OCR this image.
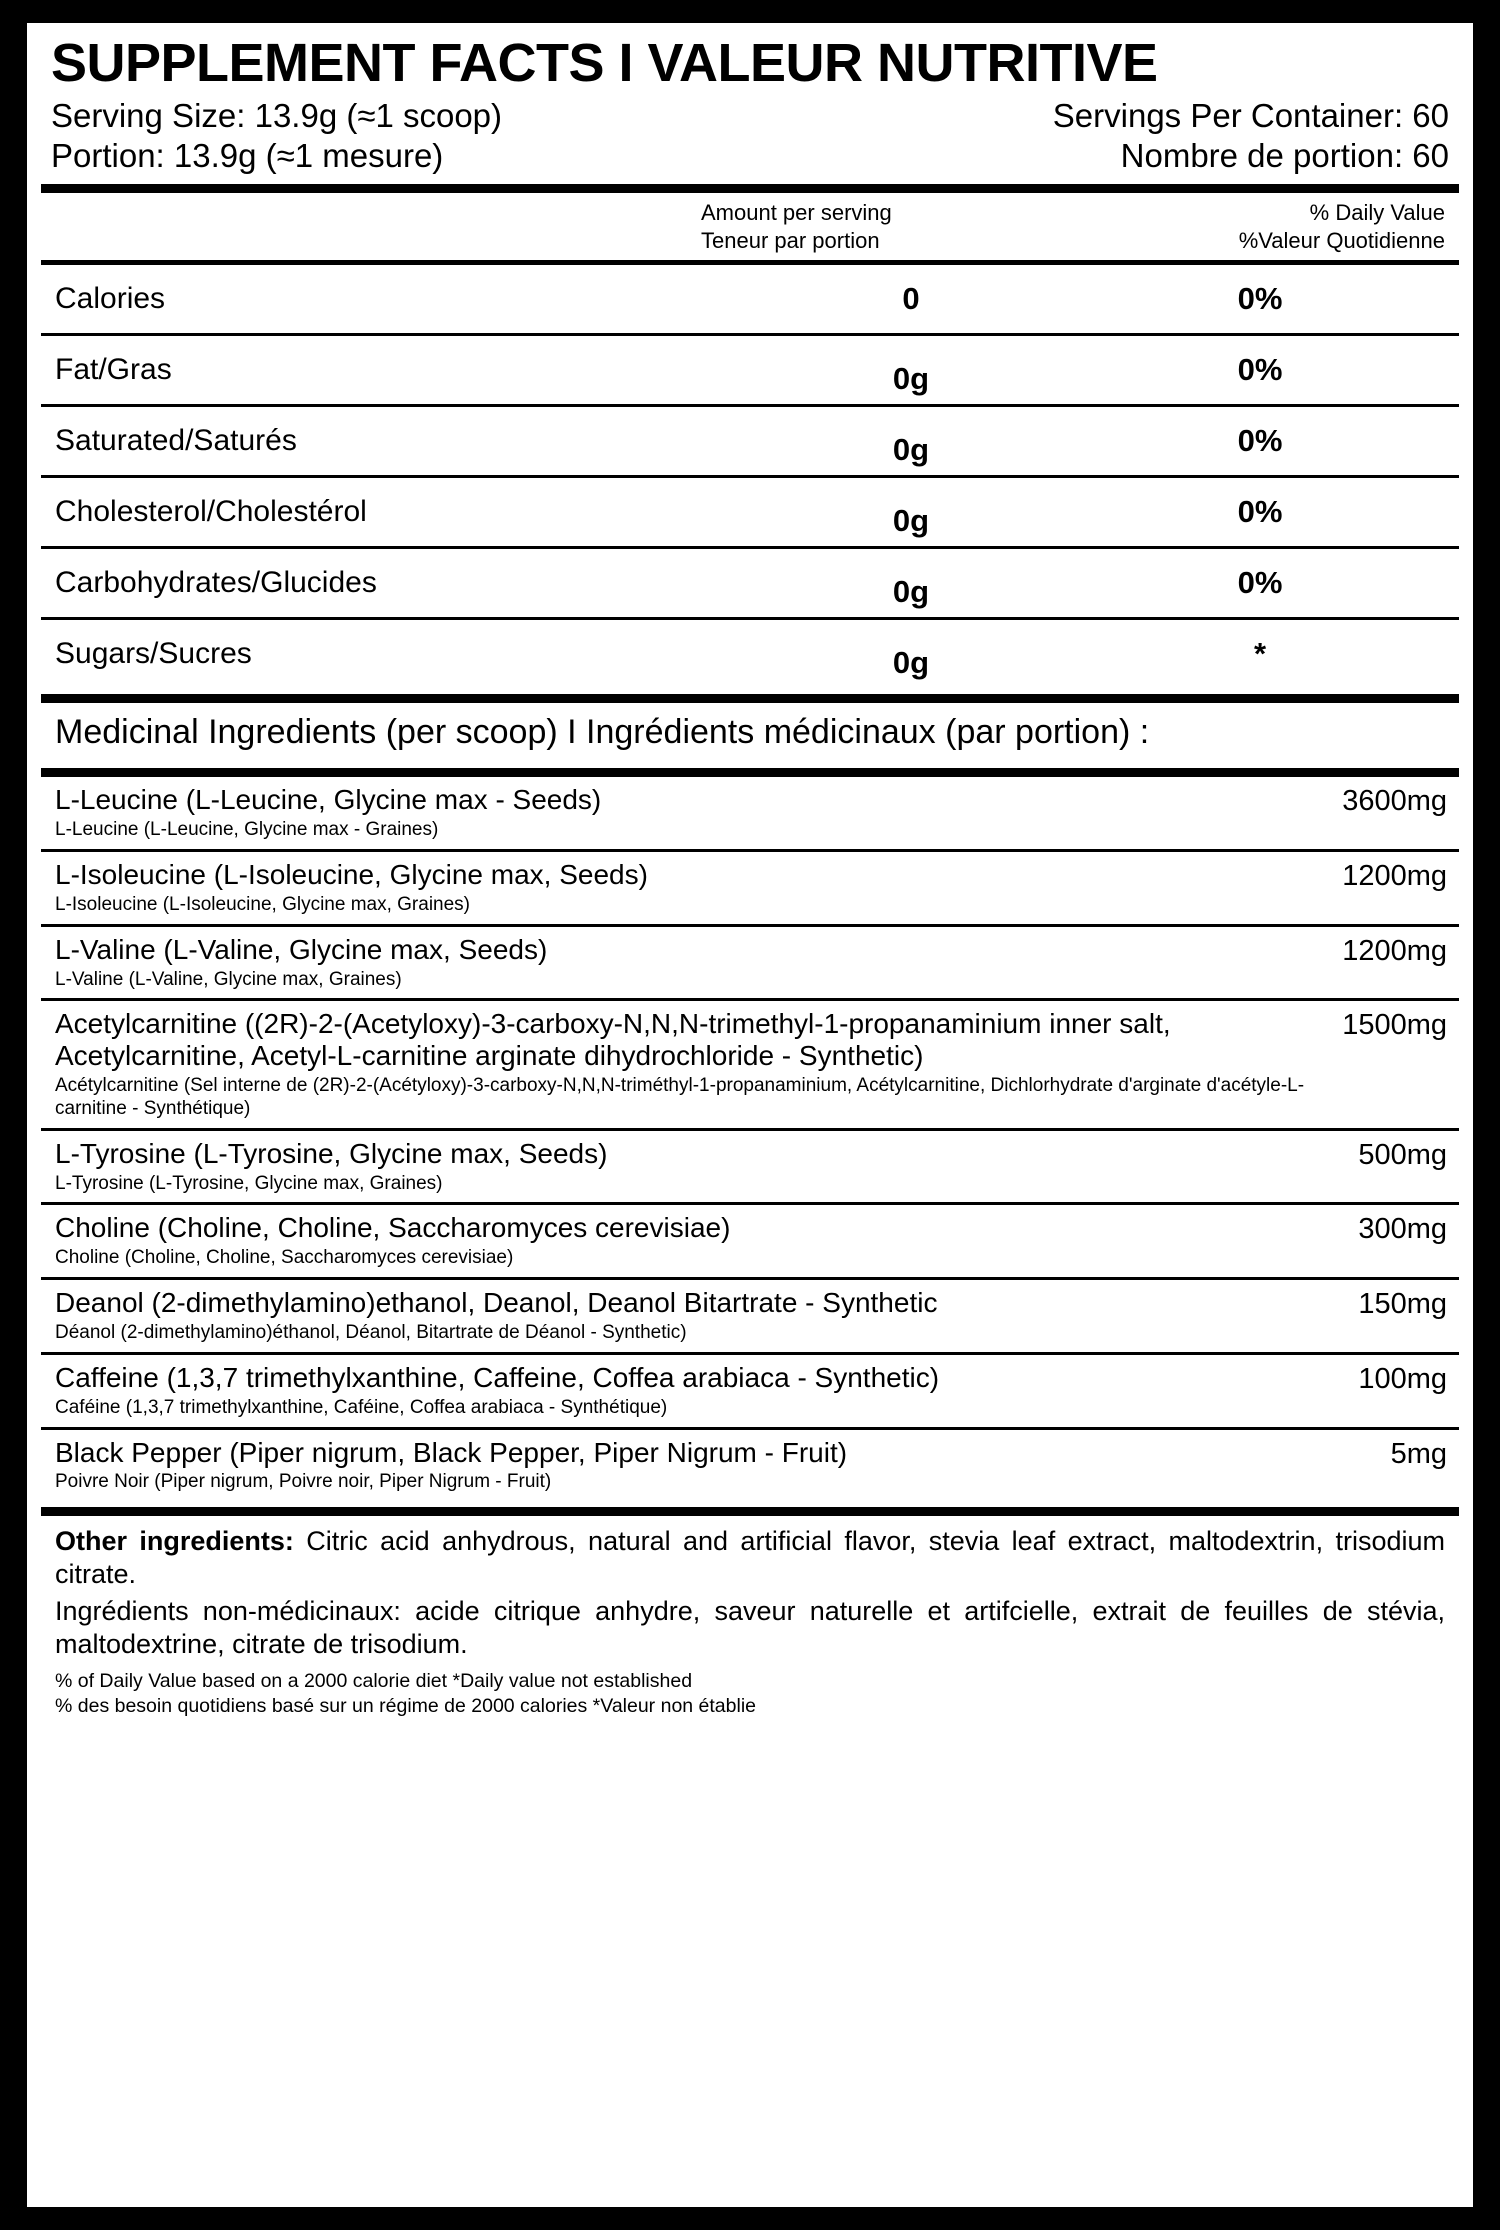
SUPPLEMENT FACTS I VALEUR NUTRITIVE
Serving Size: 13.9g (≈1 scoop)
Portion: 13.9g (≈1 mesure)
Servings Per Container: 60
Nombre de portion: 60
Amount per serving
Teneur par portion
% Daily Value
%Valeur Quotidienne
Calories	0	0%
Fat/Gras	0g	0%
Saturated/Saturés	0g	0%
Cholesterol/Cholestérol	0g	0%
Carbohydrates/Glucides	0g	0%
Sugars/Sucres	0g	*
Medicinal Ingredients (per scoop) I Ingrédients médicinaux (par portion) :
L-Leucine (L-Leucine, Glycine max - Seeds)
L-Leucine (L-Leucine, Glycine max - Graines)
3600mg
L-Isoleucine (L-Isoleucine, Glycine max, Seeds)
L-Isoleucine (L-Isoleucine, Glycine max, Graines)
1200mg
L-Valine (L-Valine, Glycine max, Seeds)
L-Valine (L-Valine, Glycine max, Graines)
1200mg
Acetylcarnitine ((2R)-2-(Acetyloxy)-3-carboxy-N,N,N-trimethyl-1-propanaminium inner salt, Acetylcarnitine, Acetyl-L-carnitine arginate dihydrochloride - Synthetic)
Acétylcarnitine (Sel interne de (2R)-2-(Acétyloxy)-3-carboxy-N,N,N-triméthyl-1-propanaminium, Acétylcarnitine, Dichlorhydrate d'arginate d'acétyle-L-carnitine - Synthétique)
1500mg
L-Tyrosine (L-Tyrosine, Glycine max, Seeds)
L-Tyrosine (L-Tyrosine, Glycine max, Graines)
500mg
Choline (Choline, Choline, Saccharomyces cerevisiae)
Choline (Choline, Choline, Saccharomyces cerevisiae)
300mg
Deanol (2-dimethylamino)ethanol, Deanol, Deanol Bitartrate - Synthetic
Déanol (2-dimethylamino)éthanol, Déanol, Bitartrate de Déanol - Synthetic)
150mg
Caffeine (1,3,7 trimethylxanthine, Caffeine, Coffea arabiaca - Synthetic)
Caféine (1,3,7 trimethylxanthine, Caféine, Coffea arabiaca - Synthétique)
100mg
Black Pepper (Piper nigrum, Black Pepper, Piper Nigrum - Fruit)
Poivre Noir (Piper nigrum, Poivre noir, Piper Nigrum - Fruit)
5mg
Other ingredients: Citric acid anhydrous, natural and artificial flavor, stevia leaf extract, maltodextrin, trisodium citrate.
Ingrédients non-médicinaux: acide citrique anhydre, saveur naturelle et artifcielle, extrait de feuilles de stévia, maltodextrine, citrate de trisodium.
% of Daily Value based on a 2000 calorie diet *Daily value not established
% des besoin quotidiens basé sur un régime de 2000 calories *Valeur non établie
